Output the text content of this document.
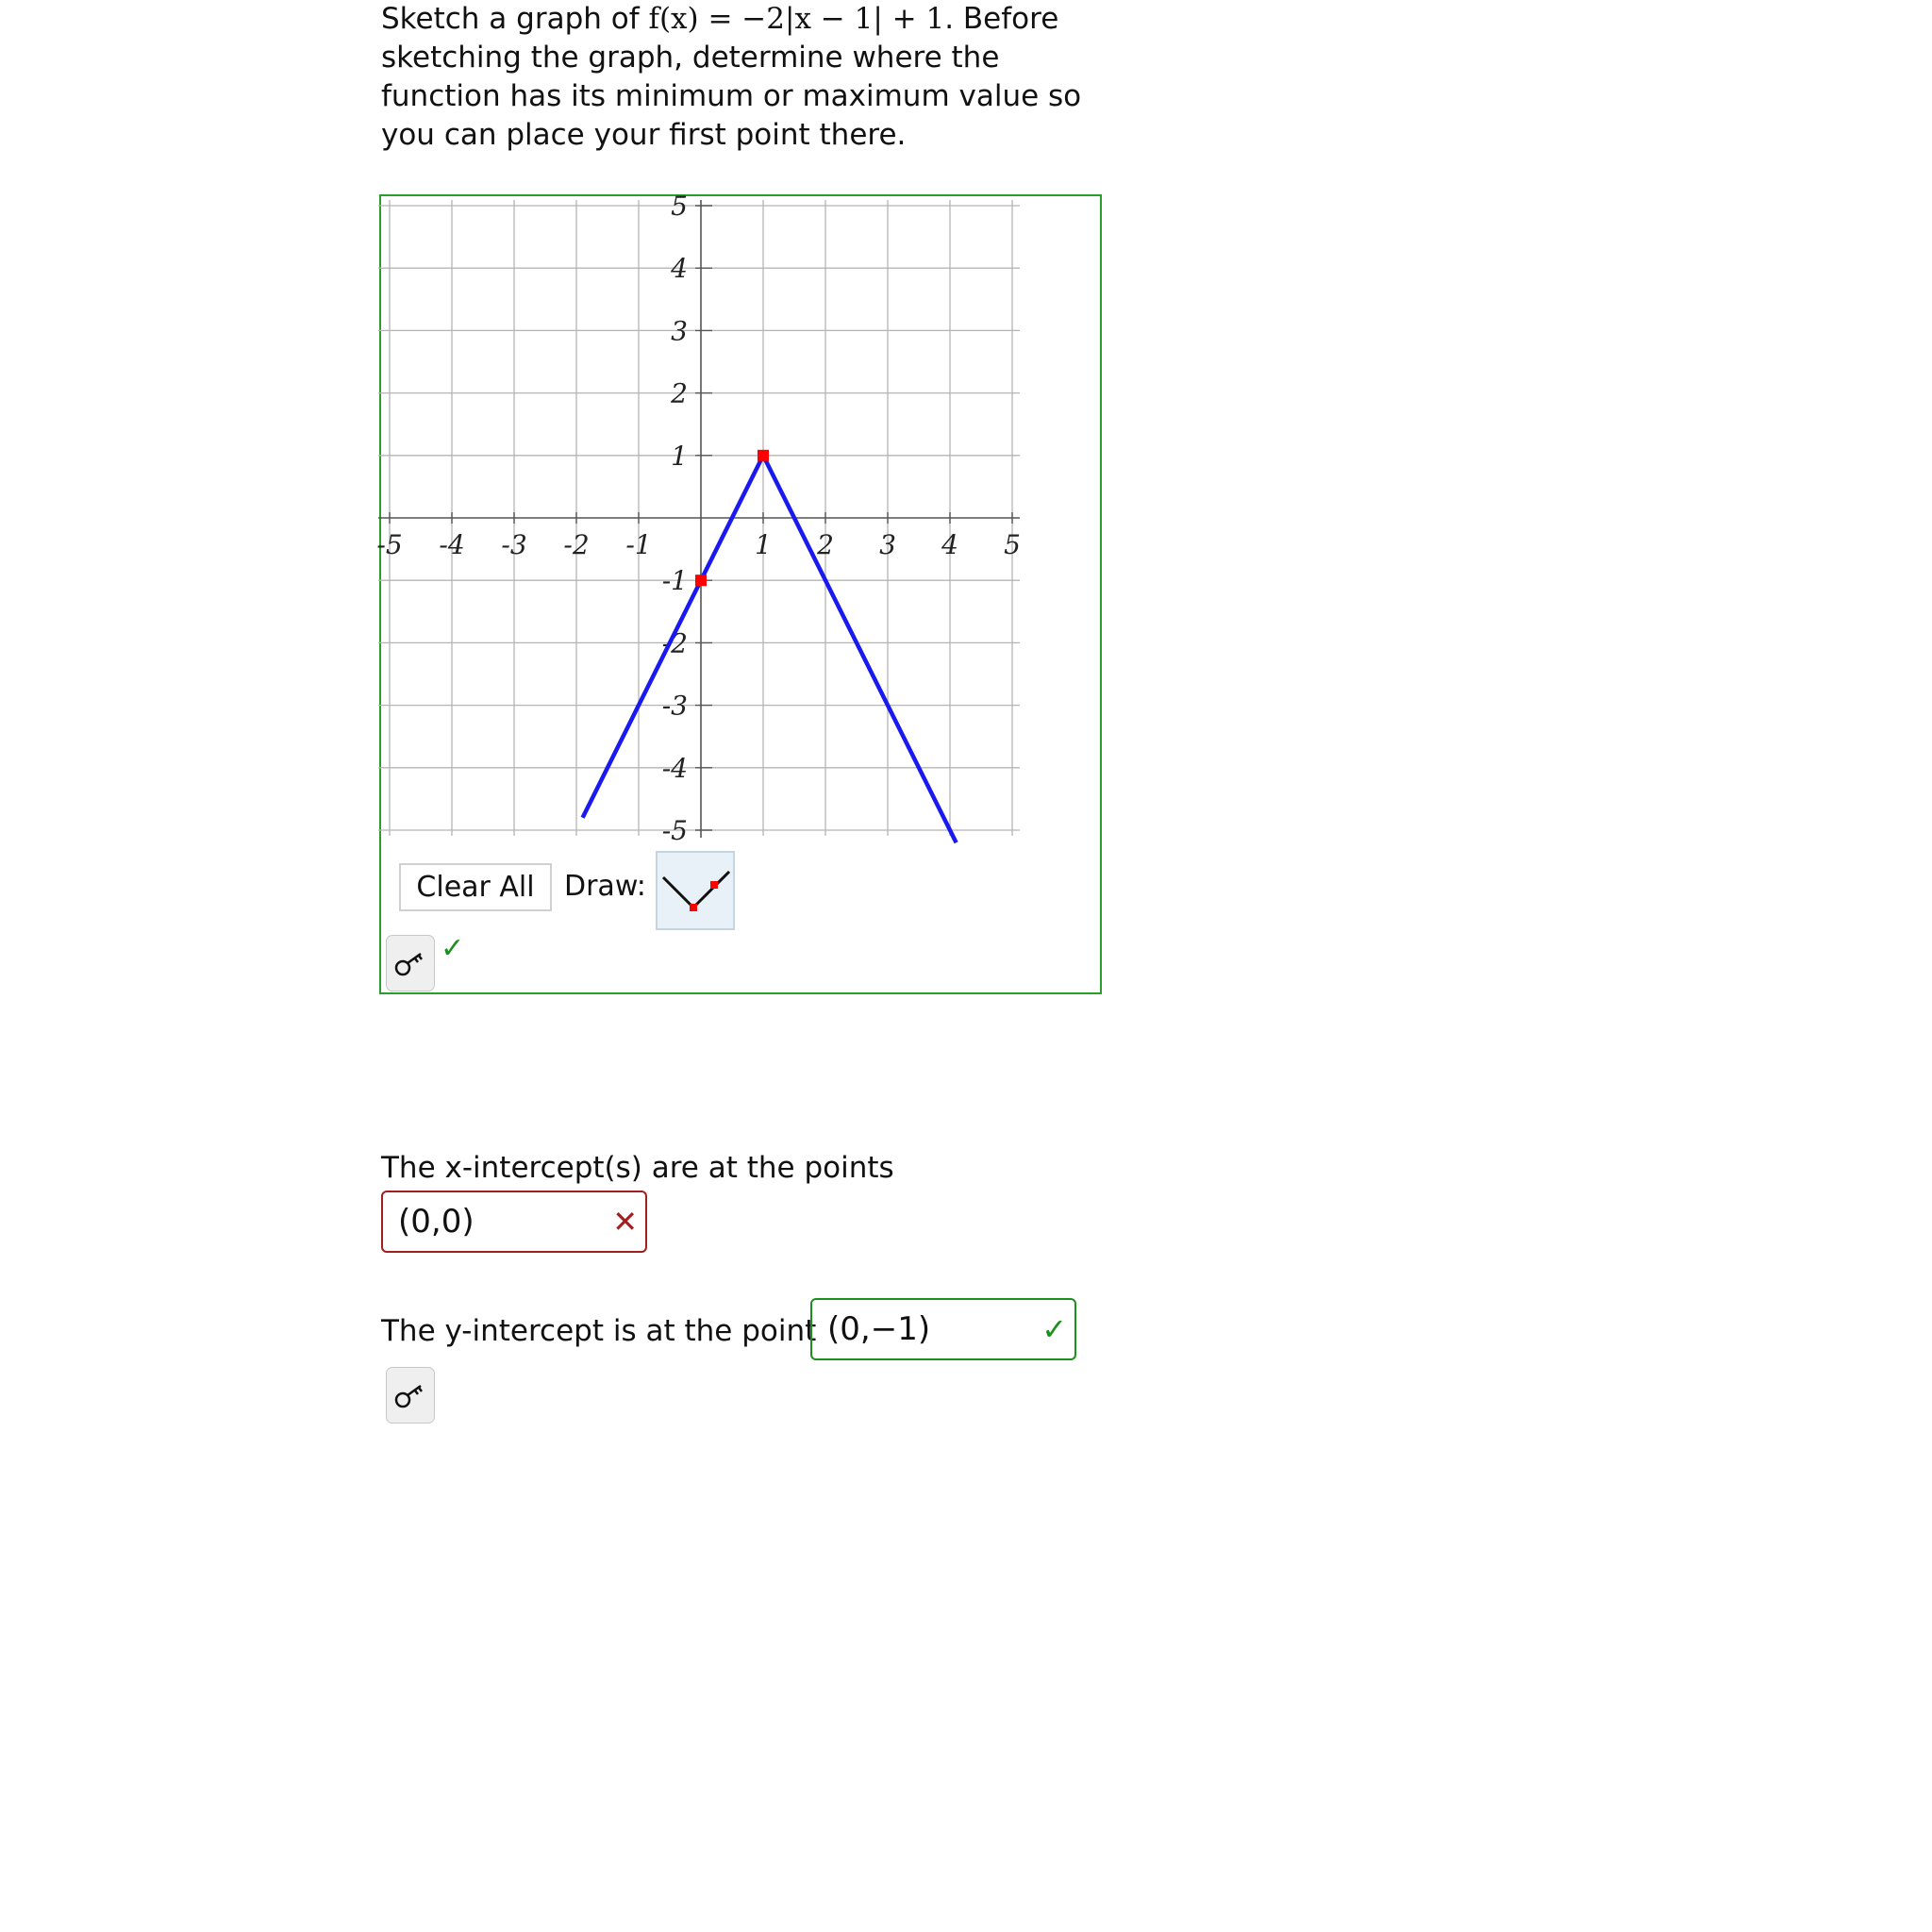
Sketch a graph of f(x) = −2|x − 1| + 1. Before sketching the graph, determine where the function has its minimum or maximum value so you can place your first point there.
-5 -4 -3 -2 -1	1 2 3 4 5
5
4
3
2
1
-1
-2
-3
-4
-5
Clear All	Draw:
✓
The x-intercept(s) are at the points
(0,0)	✕
The y-intercept is at the point (0,−1)	✓
